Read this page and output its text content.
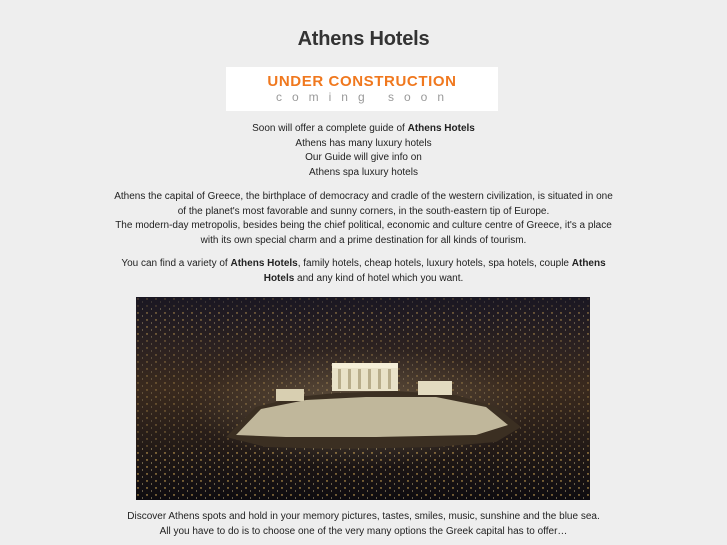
Athens Hotels
UNDER CONSTRUCTION
coming soon
Soon will offer a complete guide of Athens Hotels
Athens has many luxury hotels
Our Guide will give info on
Athens spa luxury hotels
Athens the capital of Greece, the birthplace of democracy and cradle of the western civilization, is situated in one of the planet's most favorable and sunny corners, in the south-eastern tip of Europe.
The modern-day metropolis, besides being the chief political, economic and culture centre of Greece, it's a place with its own special charm and a prime destination for all kinds of tourism.
You can find a variety of Athens Hotels, family hotels, cheap hotels, luxury hotels, spa hotels, couple Athens Hotels and any kind of hotel which you want.
Discover Athens spots and hold in your memory pictures, tastes, smiles, music, sunshine and the blue sea.
All you have to do is to choose one of the very many options the Greek capital has to offer…
